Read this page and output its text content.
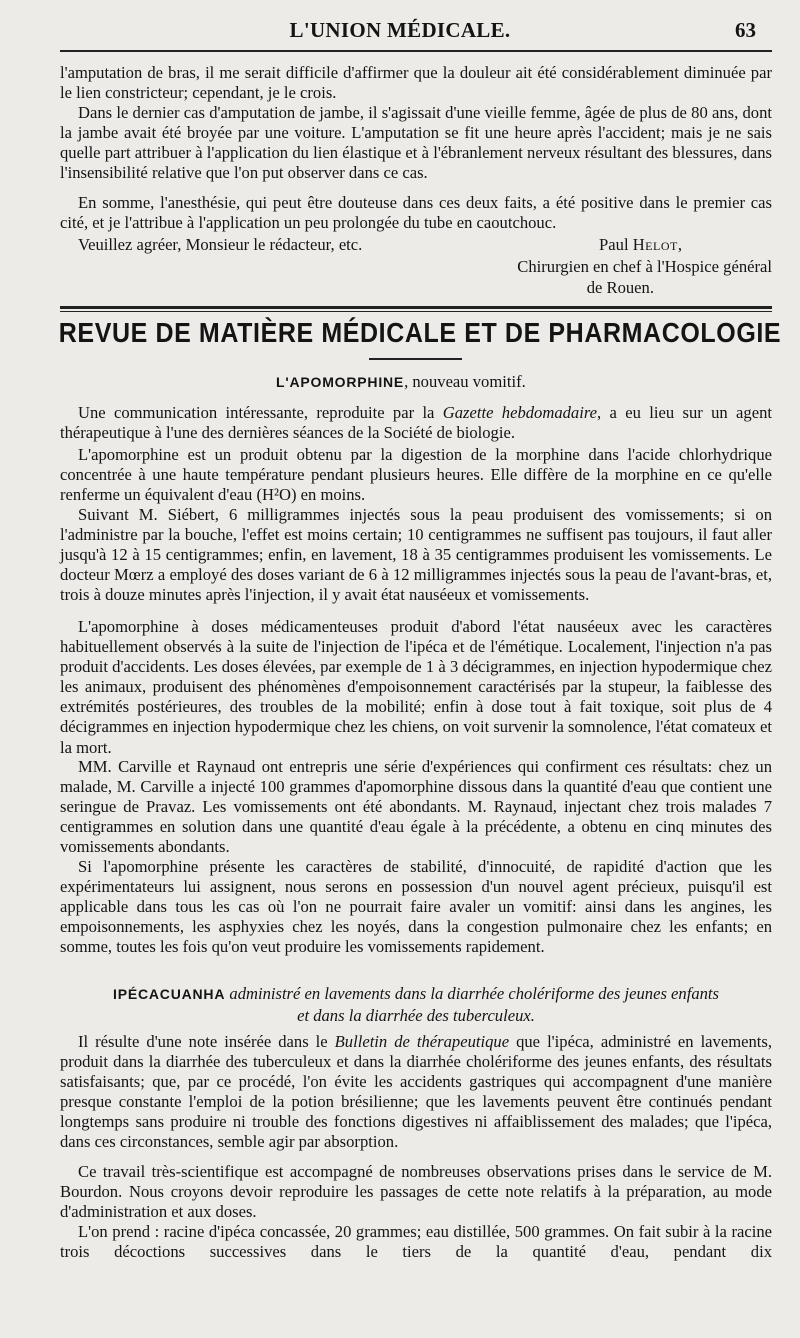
L'UNION MÉDICALE.	63

l'amputation de bras, il me serait difficile d'affirmer que la douleur ait été considérablement diminuée par le lien constricteur; cependant, je le crois.

Dans le dernier cas d'amputation de jambe, il s'agissait d'une vieille femme, âgée de plus de 80 ans, dont la jambe avait été broyée par une voiture. L'amputation se fit une heure après l'accident; mais je ne sais quelle part attribuer à l'application du lien élastique et à l'ébranlement nerveux résultant des blessures, dans l'insensibilité relative que l'on put observer dans ce cas.

En somme, l'anesthésie, qui peut être douteuse dans ces deux faits, a été positive dans le premier cas cité, et je l'attribue à l'application un peu prolongée du tube en caoutchouc.

Veuillez agréer, Monsieur le rédacteur, etc.	Paul Helot,
Chirurgien en chef à l'Hospice général
de Rouen.
REVUE DE MATIÈRE MÉDICALE ET DE PHARMACOLOGIE
L'APOMORPHINE, nouveau vomitif.

Une communication intéressante, reproduite par la Gazette hebdomadaire, a eu lieu sur un agent thérapeutique à l'une des dernières séances de la Société de biologie.

L'apomorphine est un produit obtenu par la digestion de la morphine dans l'acide chlorhydrique concentrée à une haute température pendant plusieurs heures. Elle diffère de la morphine en ce qu'elle renferme un équivalent d'eau (H²O) en moins.

Suivant M. Siébert, 6 milligrammes injectés sous la peau produisent des vomissements; si on l'administre par la bouche, l'effet est moins certain; 10 centigrammes ne suffisent pas toujours, il faut aller jusqu'à 12 à 15 centigrammes; enfin, en lavement, 18 à 35 centigrammes produisent les vomissements. Le docteur Mœrz a employé des doses variant de 6 à 12 milligrammes injectés sous la peau de l'avant-bras, et, trois à douze minutes après l'injection, il y avait état nauséeux et vomissements.

L'apomorphine à doses médicamenteuses produit d'abord l'état nauséeux avec les caractères habituellement observés à la suite de l'injection de l'ipéca et de l'émétique. Localement, l'injection n'a pas produit d'accidents. Les doses élevées, par exemple de 1 à 3 décigrammes, en injection hypodermique chez les animaux, produisent des phénomènes d'empoisonnement caractérisés par la stupeur, la faiblesse des extrémités postérieures, des troubles de la mobilité; enfin à dose tout à fait toxique, soit plus de 4 décigrammes en injection hypodermique chez les chiens, on voit survenir la somnolence, l'état comateux et la mort.

MM. Carville et Raynaud ont entrepris une série d'expériences qui confirment ces résultats: chez un malade, M. Carville a injecté 100 grammes d'apomorphine dissous dans la quantité d'eau que contient une seringue de Pravaz. Les vomissements ont été abondants. M. Raynaud, injectant chez trois malades 7 centigrammes en solution dans une quantité d'eau égale à la précédente, a obtenu en cinq minutes des vomissements abondants.

Si l'apomorphine présente les caractères de stabilité, d'innocuité, de rapidité d'action que les expérimentateurs lui assignent, nous serons en possession d'un nouvel agent précieux, puisqu'il est applicable dans tous les cas où l'on ne pourrait faire avaler un vomitif: ainsi dans les angines, les empoisonnements, les asphyxies chez les noyés, dans la congestion pulmonaire chez les enfants; en somme, toutes les fois qu'on veut produire les vomissements rapidement.

IPÉCACUANHA administré en lavements dans la diarrhée cholériforme des jeunes enfants
et dans la diarrhée des tuberculeux.

Il résulte d'une note insérée dans le Bulletin de thérapeutique que l'ipéca, administré en lavements, produit dans la diarrhée des tuberculeux et dans la diarrhée cholériforme des jeunes enfants, des résultats satisfaisants; que, par ce procédé, l'on évite les accidents gastriques qui accompagnent d'une manière presque constante l'emploi de la potion brésilienne; que les lavements peuvent être continués pendant longtemps sans produire ni trouble des fonctions digestives ni affaiblissement des malades; que l'ipéca, dans ces circonstances, semble agir par absorption.

Ce travail très-scientifique est accompagné de nombreuses observations prises dans le service de M. Bourdon. Nous croyons devoir reproduire les passages de cette note relatifs à la préparation, au mode d'administration et aux doses.

L'on prend : racine d'ipéca concassée, 20 grammes; eau distillée, 500 grammes. On fait subir à la racine trois décoctions successives dans le tiers de la quantité d'eau, pendant dix
